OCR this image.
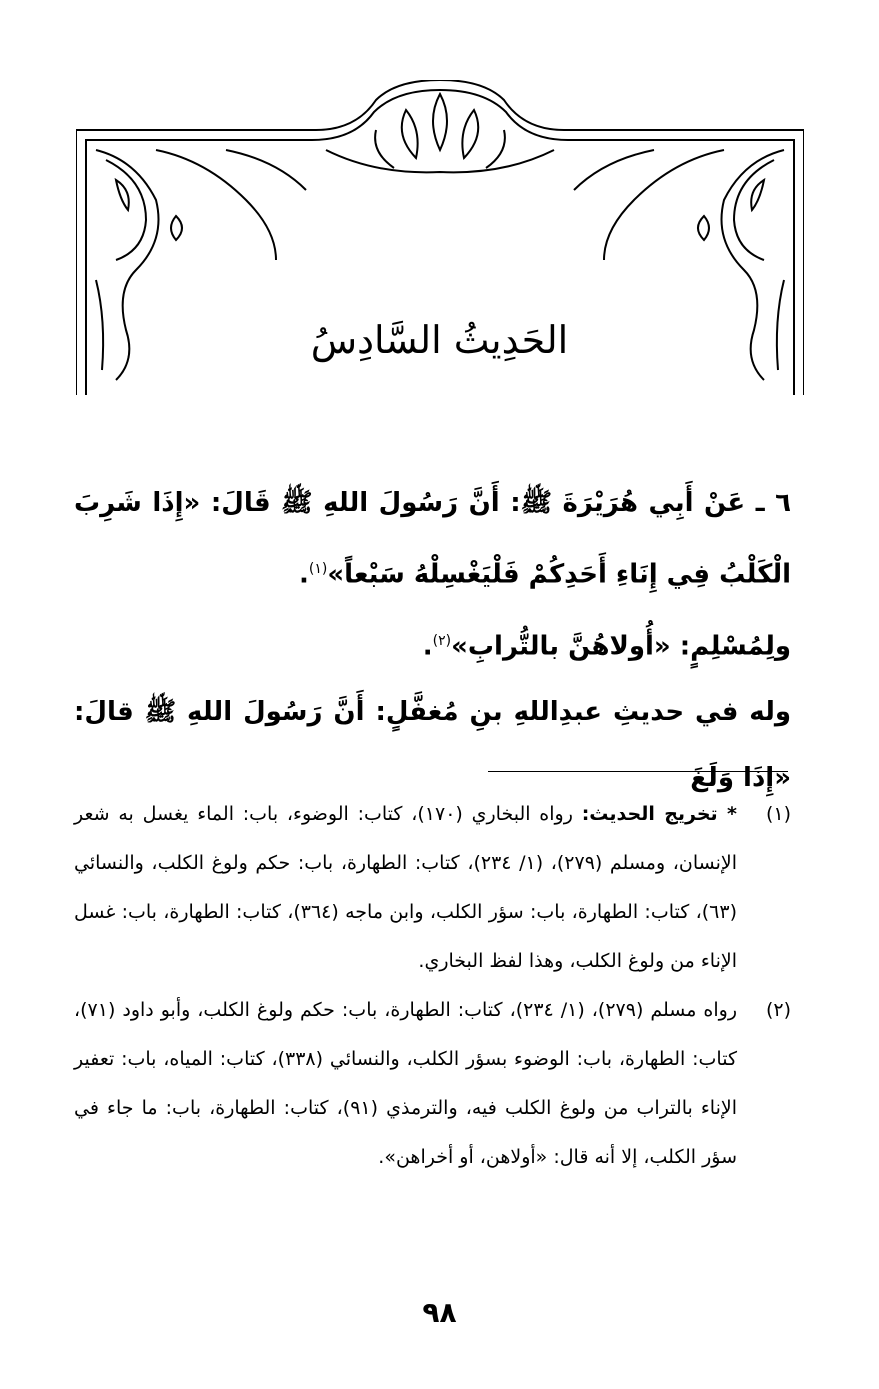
الحَدِيثُ السَّادِسُ

٦ ـ عَنْ أَبِي هُرَيْرَةَ ﷺ: أَنَّ رَسُولَ اللهِ ﷺ قَالَ: «إِذَا شَرِبَ الْكَلْبُ فِي إِنَاءِ أَحَدِكُمْ فَلْيَغْسِلْهُ سَبْعاً»$^{(١)}$.

ولِمُسْلِمٍ: «أُولاهُنَّ بالتُّرابِ»$^{(٢)}$.

وله في حديثِ عبدِاللهِ بنِ مُغفَّلٍ: أَنَّ رَسُولَ اللهِ ﷺ قالَ: «إِذَا وَلَغَ

(١)
* تخريج الحديث: رواه البخاري (١٧٠)، كتاب: الوضوء، باب: الماء يغسل به شعر الإنسان، ومسلم (٢٧٩)، (١/ ٢٣٤)، كتاب: الطهارة، باب: حكم ولوغ الكلب، والنسائي (٦٣)، كتاب: الطهارة، باب: سؤر الكلب، وابن ماجه (٣٦٤)، كتاب: الطهارة، باب: غسل الإناء من ولوغ الكلب، وهذا لفظ البخاري.

(٢)
رواه مسلم (٢٧٩)، (١/ ٢٣٤)، كتاب: الطهارة، باب: حكم ولوغ الكلب، وأبو داود (٧١)، كتاب: الطهارة، باب: الوضوء بسؤر الكلب، والنسائي (٣٣٨)، كتاب: المياه، باب: تعفير الإناء بالتراب من ولوغ الكلب فيه، والترمذي (٩١)، كتاب: الطهارة، باب: ما جاء في سؤر الكلب، إلا أنه قال: «أولاهن، أو أخراهن».

٩٨
